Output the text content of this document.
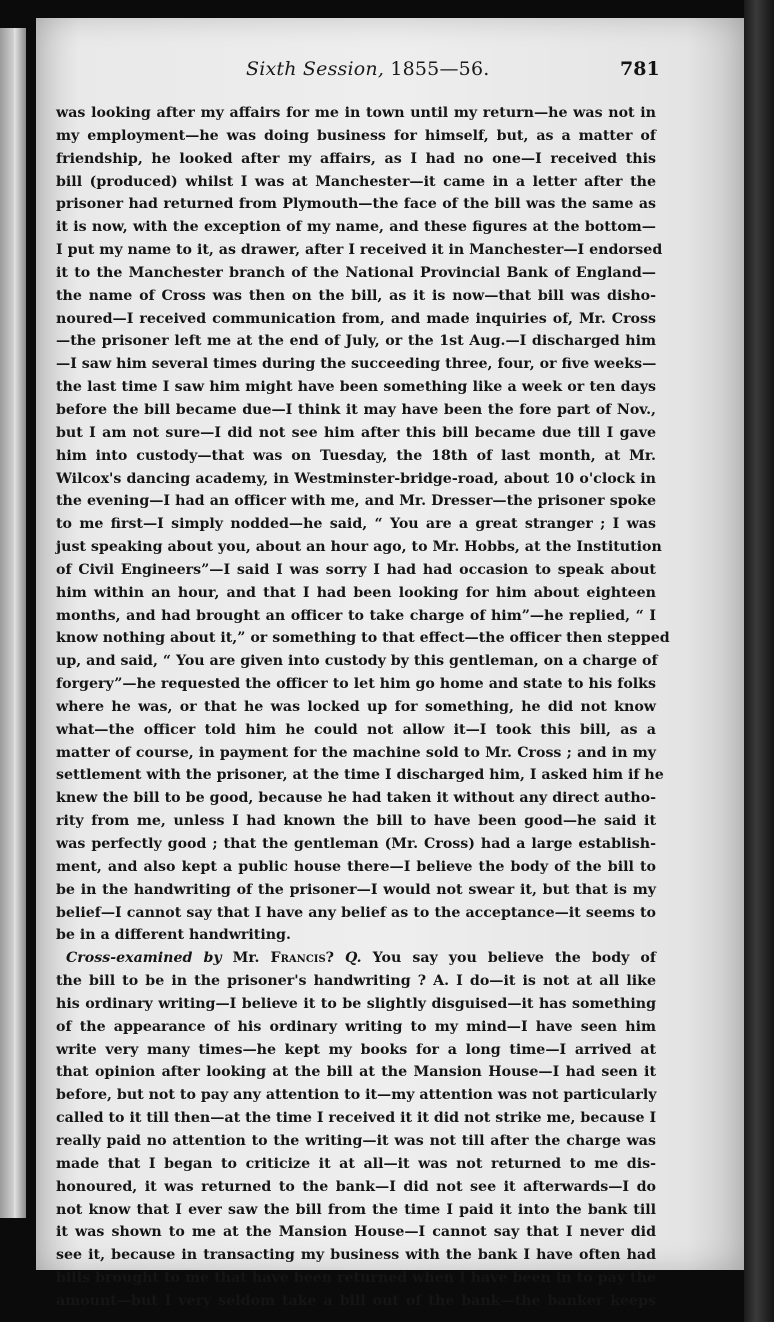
Sixth Session, 1855—56.	781
was looking after my affairs for me in town until my return—he was not in
my employment—he was doing business for himself, but, as a matter of
friendship, he looked after my affairs, as I had no one—I received this
bill (produced) whilst I was at Manchester—it came in a letter after the
prisoner had returned from Plymouth—the face of the bill was the same as
it is now, with the exception of my name, and these figures at the bottom—
I put my name to it, as drawer, after I received it in Manchester—I endorsed
it to the Manchester branch of the National Provincial Bank of England—
the name of Cross was then on the bill, as it is now—that bill was disho-
noured—I received communication from, and made inquiries of, Mr. Cross
—the prisoner left me at the end of July, or the 1st Aug.—I discharged him
—I saw him several times during the succeeding three, four, or five weeks—
the last time I saw him might have been something like a week or ten days
before the bill became due—I think it may have been the fore part of Nov.,
but I am not sure—I did not see him after this bill became due till I gave
him into custody—that was on Tuesday, the 18th of last month, at Mr.
Wilcox's dancing academy, in Westminster-bridge-road, about 10 o'clock in
the evening—I had an officer with me, and Mr. Dresser—the prisoner spoke
to me first—I simply nodded—he said, “ You are a great stranger ; I was
just speaking about you, about an hour ago, to Mr. Hobbs, at the Institution
of Civil Engineers”—I said I was sorry I had had occasion to speak about
him within an hour, and that I had been looking for him about eighteen
months, and had brought an officer to take charge of him”—he replied, “ I
know nothing about it,” or something to that effect—the officer then stepped
up, and said, “ You are given into custody by this gentleman, on a charge of
forgery”—he requested the officer to let him go home and state to his folks
where he was, or that he was locked up for something, he did not know
what—the officer told him he could not allow it—I took this bill, as a
matter of course, in payment for the machine sold to Mr. Cross ; and in my
settlement with the prisoner, at the time I discharged him, I asked him if he
knew the bill to be good, because he had taken it without any direct autho-
rity from me, unless I had known the bill to have been good—he said it
was perfectly good ; that the gentleman (Mr. Cross) had a large establish-
ment, and also kept a public house there—I believe the body of the bill to
be in the handwriting of the prisoner—I would not swear it, but that is my
belief—I cannot say that I have any belief as to the acceptance—it seems to
be in a different handwriting.
Cross-examined by Mr. Francis? Q. You say you believe the body of
the bill to be in the prisoner's handwriting ? A. I do—it is not at all like
his ordinary writing—I believe it to be slightly disguised—it has something
of the appearance of his ordinary writing to my mind—I have seen him
write very many times—he kept my books for a long time—I arrived at
that opinion after looking at the bill at the Mansion House—I had seen it
before, but not to pay any attention to it—my attention was not particularly
called to it till then—at the time I received it it did not strike me, because I
really paid no attention to the writing—it was not till after the charge was
made that I began to criticize it at all—it was not returned to me dis-
honoured, it was returned to the bank—I did not see it afterwards—I do
not know that I ever saw the bill from the time I paid it into the bank till
it was shown to me at the Mansion House—I cannot say that I never did
see it, because in transacting my business with the bank I have often had
bills brought to me that have been returned when I have been in to pay the
amount—but I very seldom take a bill out of the bank—the banker keeps
